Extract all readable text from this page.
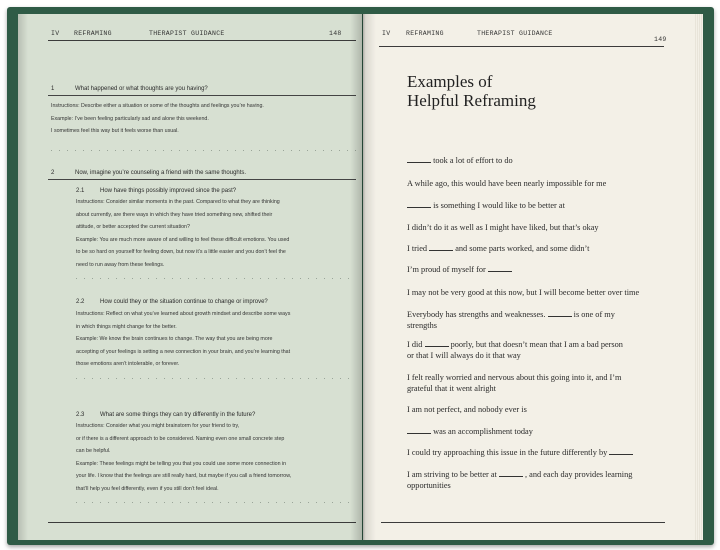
IV REFRAMING	THERAPIST GUIDANCE	148
1	What happened or what thoughts are you having?
Instructions: Describe either a situation or some of the thoughts and feelings you’re having.
Example: I’ve been feeling particularly sad and alone this weekend.
I sometimes feel this way but it feels worse than usual.
2	Now, imagine you’re counseling a friend with the same thoughts.
2.1	How have things possibly improved since the past?
Instructions: Consider similar moments in the past. Compared to what they are thinking
about currently, are there ways in which they have tried something new, shifted their
attitude, or better accepted the current situation?
Example: You are much more aware of and willing to feel these difficult emotions. You used
to be so hard on yourself for feeling down, but now it’s a little easier and you don’t feel the
need to run away from these feelings.
2.2	How could they or the situation continue to change or improve?
Instructions: Reflect on what you’ve learned about growth mindset and describe some ways
in which things might change for the better.
Example: We know the brain continues to change. The way that you are being more
accepting of your feelings is setting a new connection in your brain, and you’re learning that
those emotions aren’t intolerable, or forever.
2.3	What are some things they can try differently in the future?
Instructions: Consider what you might brainstorm for your friend to try,
or if there is a different approach to be considered. Naming even one small concrete step
can be helpful.
Example: These feelings might be telling you that you could use some more connection in
your life. I know that the feelings are still really hard, but maybe if you call a friend tomorrow,
that’ll help you feel differently, even if you still don’t feel ideal.
IV REFRAMING	THERAPIST GUIDANCE
149
Examples of
Helpful Reframing
took a lot of effort to do
A while ago, this would have been nearly impossible for me
is something I would like to be better at
I didn’t do it as well as I might have liked, but that’s okay
I tried	and some parts worked, and some didn’t
I’m proud of myself for
I may not be very good at this now, but I will become better over time
Everybody has strengths and weaknesses.	is one of my
strengths
I did	poorly, but that doesn’t mean that I am a bad person
or that I will always do it that way
I felt really worried and nervous about this going into it, and I’m
grateful that it went alright
I am not perfect, and nobody ever is
was an accomplishment today
I could try approaching this issue in the future differently by
I am striving to be better at	, and each day provides learning
opportunities
